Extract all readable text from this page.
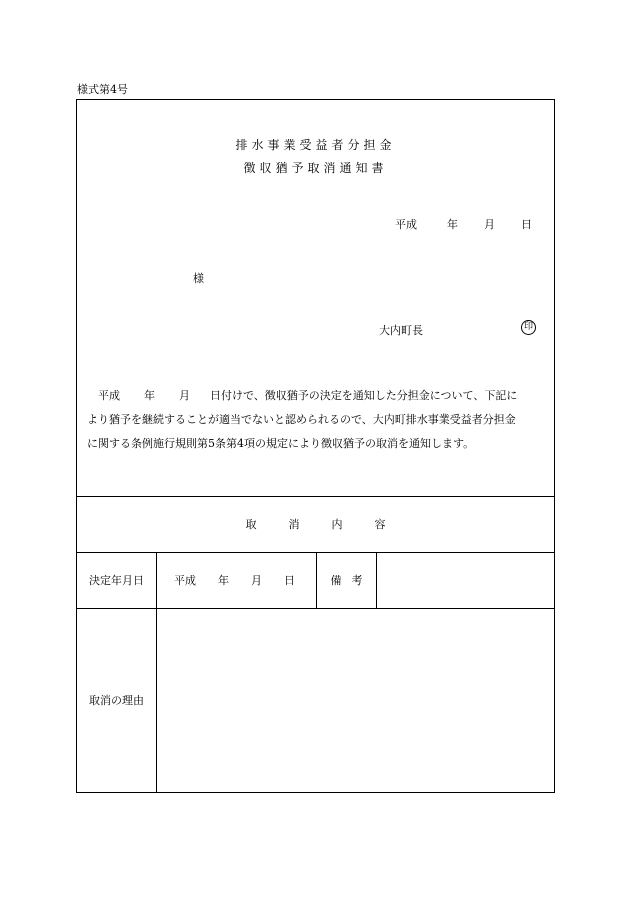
様式第4号
排水事業受益者分担金
徴収猶予取消通知書
平成	年 月 日
様
大内町長	印
平成 年 月 日付けで、徴収猶予の決定を通知した分担金について、下記に
より猶予を継続することが適当でないと認められるので、大内町排水事業受益者分担金
に関する条例施行規則第5条第4項の規定により徴収猶予の取消を通知します。
取消内容
決定年月日	平成 年 月 日	備考
取消の理由
